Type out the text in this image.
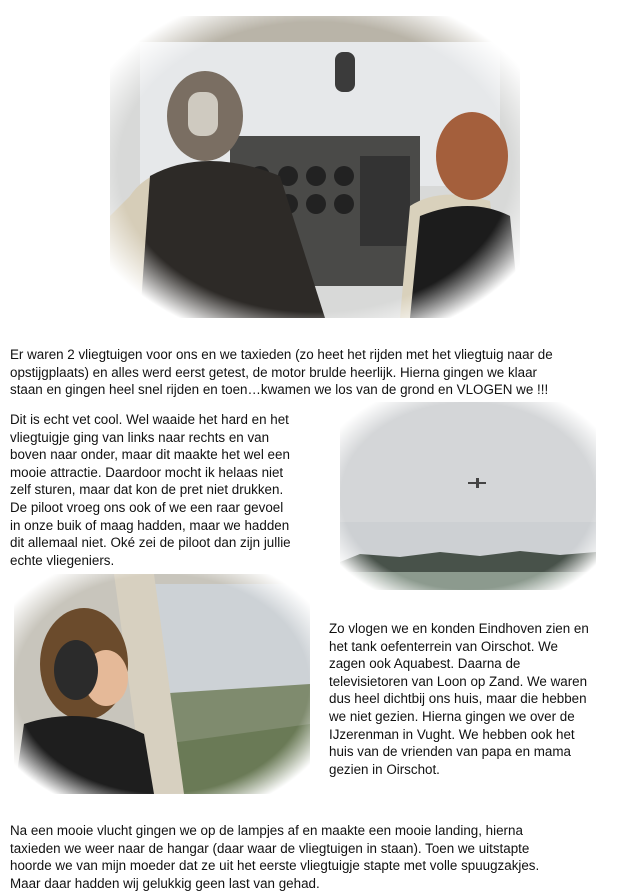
Er waren 2 vliegtuigen voor ons en we taxieden (zo heet het rijden met het vliegtuig naar de
opstijgplaats) en alles werd eerst getest, de motor brulde heerlijk. Hierna gingen we klaar
staan en gingen heel snel rijden en toen…kwamen we los van de grond en VLOGEN we !!!

Dit is echt vet cool. Wel waaide het hard en het
vliegtuigje ging van links naar rechts en van
boven naar onder, maar dit maakte het wel een
mooie attractie. Daardoor mocht ik helaas niet
zelf sturen, maar dat kon de pret niet drukken.
De piloot vroeg ons ook of we een raar gevoel
in onze buik of maag hadden, maar we hadden
dit allemaal niet. Oké zei de piloot dan zijn jullie
echte vliegeniers.

Zo vlogen we en konden Eindhoven zien en
het tank oefenterrein van Oirschot. We
zagen ook Aquabest. Daarna de
televisietoren van Loon op Zand. We waren
dus heel dichtbij ons huis, maar die hebben
we niet gezien. Hierna gingen we over de
IJzerenman in Vught. We hebben ook het
huis van de vrienden van papa en mama
gezien in Oirschot.

Na een mooie vlucht gingen we op de lampjes af en maakte een mooie landing, hierna
taxieden we weer naar de hangar (daar waar de vliegtuigen in staan). Toen we uitstapte
hoorde we van mijn moeder dat ze uit het eerste vliegtuigje stapte met volle spuugzakjes.
Maar daar hadden wij gelukkig geen last van gehad.
